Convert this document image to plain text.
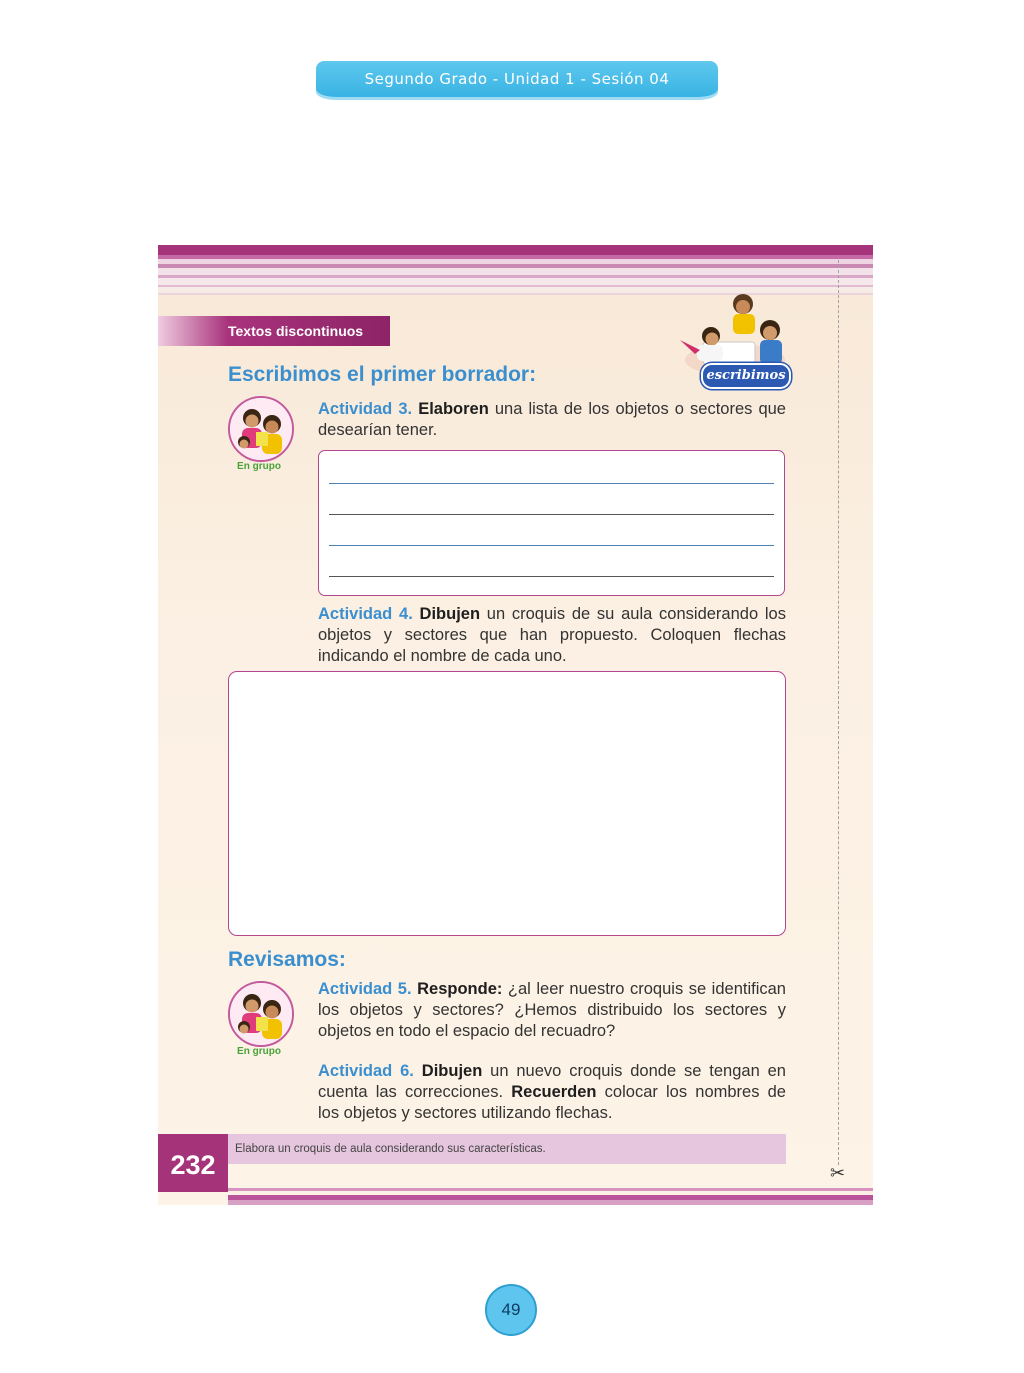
Segundo Grado - Unidad 1 - Sesión 04
Textos discontinuos
escribimos
Escribimos el primer borrador:
En grupo
Actividad 3. Elaboren una lista de los objetos o sectores que desearían tener.
Actividad 4. Dibujen un croquis de su aula considerando los objetos y sectores que han propuesto. Coloquen flechas indicando el nombre de cada uno.
Revisamos:
En grupo
Actividad 5. Responde: ¿al leer nuestro croquis se identifican los objetos y sectores? ¿Hemos distribuido los sectores y objetos en todo el espacio del recuadro?
Actividad 6. Dibujen un nuevo croquis donde se tengan en cuenta las correcciones. Recuerden colocar los nombres de los objetos y sectores utilizando flechas.
232
Elabora un croquis de aula considerando sus características.
✂
49
